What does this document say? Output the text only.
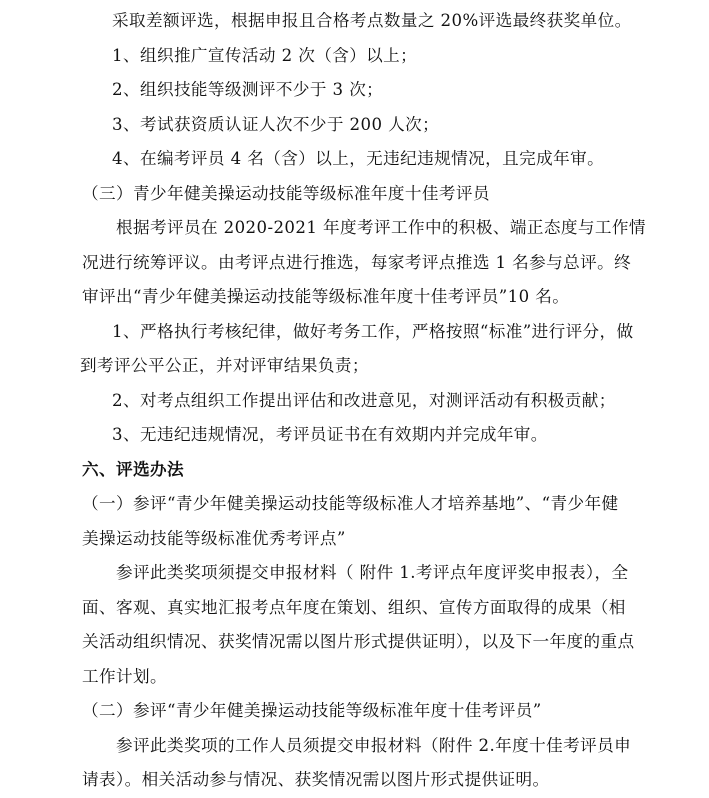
采取差额评选，根据申报且合格考点数量之 20%评选最终获奖单位。
1、组织推广宣传活动 2 次（含）以上；
2、组织技能等级测评不少于 3 次；
3、考试获资质认证人次不少于 200 人次；
4、在编考评员 4 名（含）以上，无违纪违规情况，且完成年审。
（三）青少年健美操运动技能等级标准年度十佳考评员
根据考评员在 2020-2021 年度考评工作中的积极、端正态度与工作情
况进行统筹评议。由考评点进行推选，每家考评点推选 1 名参与总评。终
审评出“青少年健美操运动技能等级标准年度十佳考评员”10 名。
1、严格执行考核纪律，做好考务工作，严格按照“标准”进行评分，做
到考评公平公正，并对评审结果负责；
2、对考点组织工作提出评估和改进意见，对测评活动有积极贡献；
3、无违纪违规情况，考评员证书在有效期内并完成年审。
六、评选办法
（一）参评“青少年健美操运动技能等级标准人才培养基地”、“青少年健
美操运动技能等级标准优秀考评点”
参评此类奖项须提交申报材料（ 附件 1.考评点年度评奖申报表），全
面、客观、真实地汇报考点年度在策划、组织、宣传方面取得的成果（相
关活动组织情况、获奖情况需以图片形式提供证明），以及下一年度的重点
工作计划。
（二）参评“青少年健美操运动技能等级标准年度十佳考评员”
参评此类奖项的工作人员须提交申报材料（附件 2.年度十佳考评员申
请表）。相关活动参与情况、获奖情况需以图片形式提供证明。
